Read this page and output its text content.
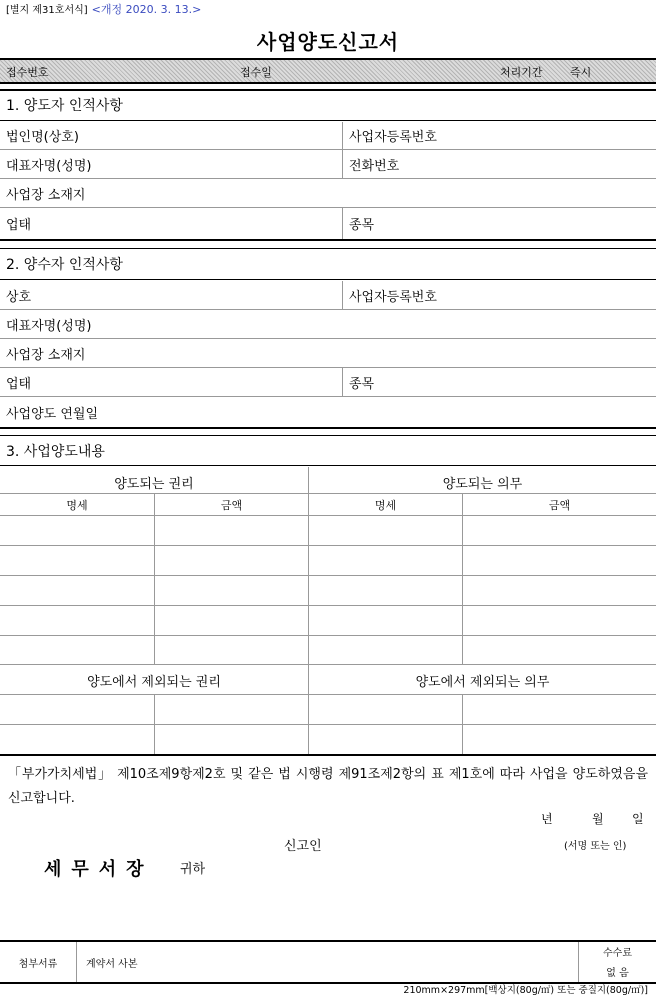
[별지 제31호서식] <개정 2020. 3. 13.>
사업양도신고서
접수번호	접수일	처리기간 즉시
1. 양도자 인적사항
법인명(상호)	사업자등록번호
대표자명(성명)	전화번호
사업장 소재지
업태	종목
2. 양수자 인적사항
상호	사업자등록번호
대표자명(성명)
사업장 소재지
업태	종목
사업양도 연월일
3. 사업양도내용
양도되는 권리	양도되는 의무
명세	금액	명세	금액
양도에서 제외되는 권리	양도에서 제외되는 의무
「부가가치세법」 제10조제9항제2호 및 같은 법 시행령 제91조제2항의 표 제1호에 따라 사업을 양도하였음을 신고합니다.
년	월 일
신고인	(서명 또는 인)
세무서장 귀하
첨부서류	계약서 사본
수수료
없 음
210mm×297mm[백상지(80g/㎡) 또는 중질지(80g/㎡)]
